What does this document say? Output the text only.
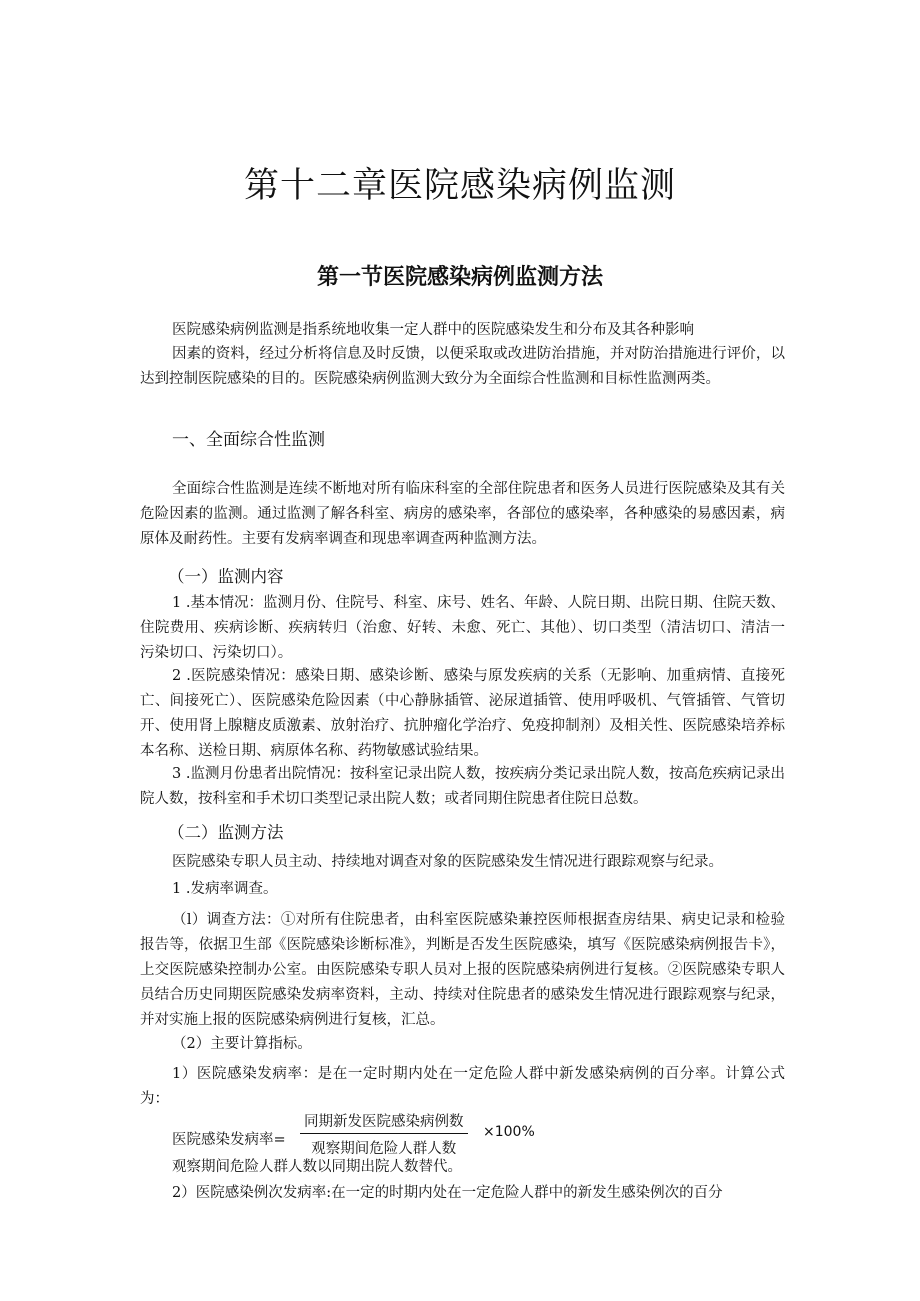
第十二章医院感染病例监测
第一节医院感染病例监测方法

医院感染病例监测是指系统地收集一定人群中的医院感染发生和分布及其各种影响

因素的资料，经过分析将信息及时反馈，以便采取或改进防治措施，并对防治措施进行评价，以达到控制医院感染的目的。医院感染病例监测大致分为全面综合性监测和目标性监测两类。

一、全面综合性监测

全面综合性监测是连续不断地对所有临床科室的全部住院患者和医务人员进行医院感染及其有关危险因素的监测。通过监测了解各科室、病房的感染率，各部位的感染率，各种感染的易感因素，病原体及耐药性。主要有发病率调查和现患率调查两种监测方法。

（一）监测内容

1 .基本情况：监测月份、住院号、科室、床号、姓名、年龄、人院日期、出院日期、住院天数、住院费用、疾病诊断、疾病转归（治愈、好转、未愈、死亡、其他）、切口类型（清洁切口、清洁一污染切口、污染切口）。

2 .医院感染情况：感染日期、感染诊断、感染与原发疾病的关系（无影响、加重病情、直接死亡、间接死亡）、医院感染危险因素（中心静脉插管、泌尿道插管、使用呼吸机、气管插管、气管切开、使用肾上腺糖皮质激素、放射治疗、抗肿瘤化学治疗、免疫抑制剂）及相关性、医院感染培养标本名称、送检日期、病原体名称、药物敏感试验结果。

3 .监测月份患者出院情况：按科室记录出院人数，按疾病分类记录出院人数，按高危疾病记录出院人数，按科室和手术切口类型记录出院人数；或者同期住院患者住院日总数。

（二）监测方法

医院感染专职人员主动、持续地对调查对象的医院感染发生情况进行跟踪观察与纪录。

1 .发病率调查。

（l）调查方法：①对所有住院患者，由科室医院感染兼控医师根据查房结果、病史记录和检验报告等，依据卫生部《医院感染诊断标准》，判断是否发生医院感染，填写《医院感染病例报告卡》，上交医院感染控制办公室。由医院感染专职人员对上报的医院感染病例进行复核。②医院感染专职人员结合历史同期医院感染发病率资料，主动、持续对住院患者的感染发生情况进行跟踪观察与纪录，并对实施上报的医院感染病例进行复核，汇总。

（2）主要计算指标。

1）医院感染发病率：是在一定时期内处在一定危险人群中新发感染病例的百分率。计算公式为：

医院感染发病率=
同期新发医院感染病例数
观察期间危险人群人数
×100%

观察期间危险人群人数以同期出院人数替代。

2）医院感染例次发病率:在一定的时期内处在一定危险人群中的新发生感染例次的百分
